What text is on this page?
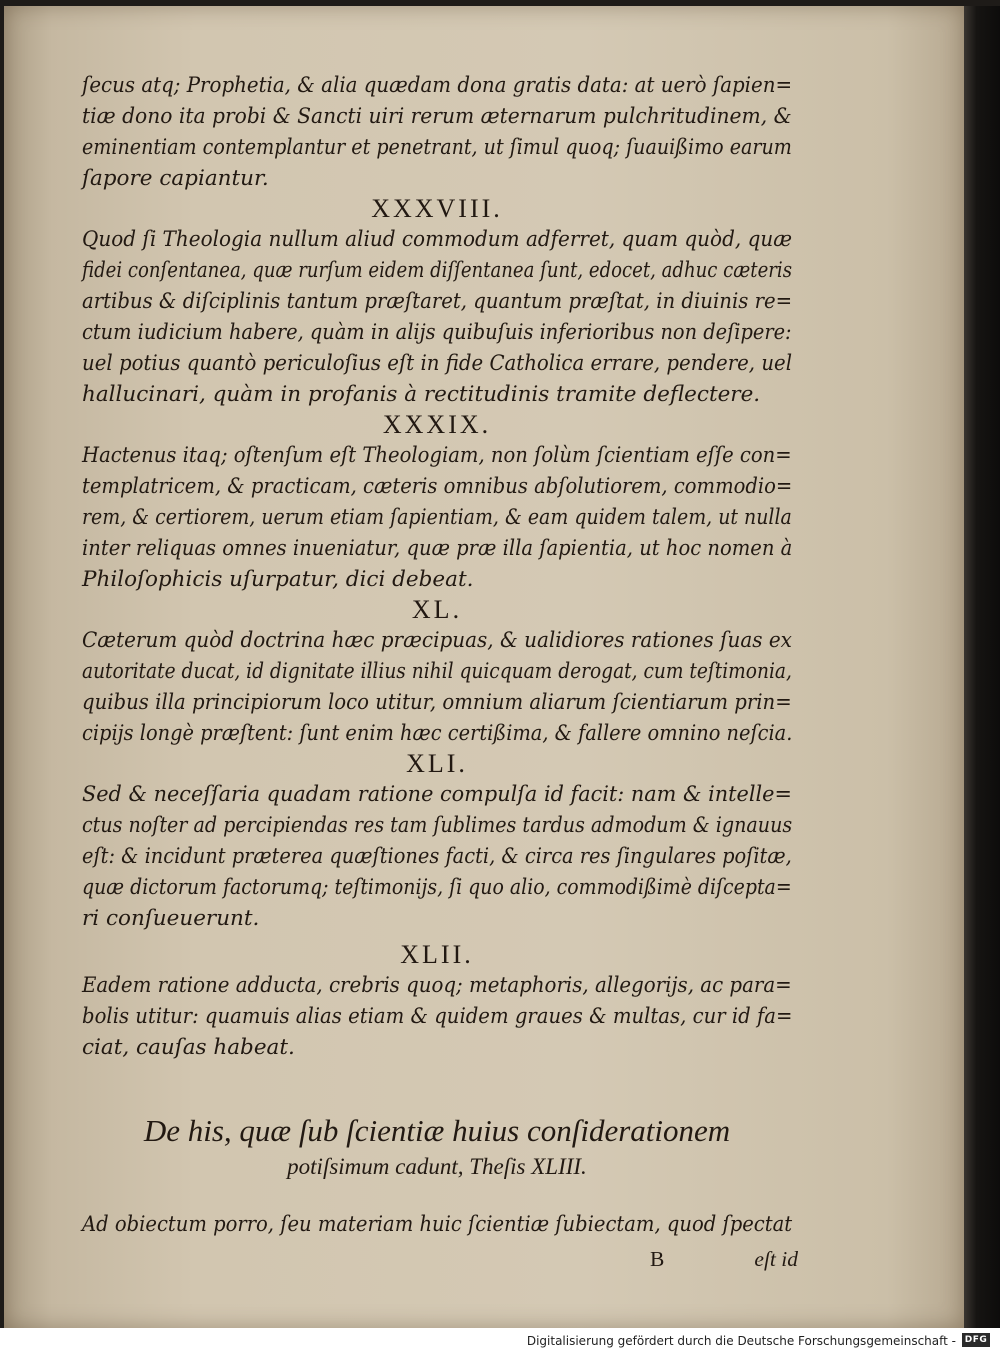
ſecus atq; Prophetia, & alia quædam dona gratis data: at uerò ſapien=
tiæ dono ita probi & Sancti uiri rerum æternarum pulchritudinem, &
eminentiam contemplantur et penetrant, ut ſimul quoq; ſuauißimo earum
ſapore capiantur.
XXXVIII.
Quod ſi Theologia nullum aliud commodum adferret, quam quòd, quæ
fidei conſentanea, quæ rurſum eidem diſſentanea ſunt, edocet, adhuc cæteris
artibus & diſciplinis tantum præſtaret, quantum præſtat, in diuinis re=
ctum iudicium habere, quàm in alijs quibuſuis inferioribus non deſipere:
uel potius quantò periculoſius eſt in fide Catholica errare, pendere, uel
hallucinari, quàm in profanis à rectitudinis tramite deflectere.
XXXIX.
Hactenus itaq; oſtenſum eſt Theologiam, non ſolùm ſcientiam eſſe con=
templatricem, & practicam, cæteris omnibus abſolutiorem, commodio=
rem, & certiorem, uerum etiam ſapientiam, & eam quidem talem, ut nulla
inter reliquas omnes inueniatur, quæ præ illa ſapientia, ut hoc nomen à
Philoſophicis uſurpatur, dici debeat.
XL.
Cæterum quòd doctrina hæc præcipuas, & ualidiores rationes ſuas ex
autoritate ducat, id dignitate illius nihil quicquam derogat, cum teſtimonia,
quibus illa principiorum loco utitur, omnium aliarum ſcientiarum prin=
cipijs longè præſtent: ſunt enim hæc certißima, & fallere omnino neſcia.
XLI.
Sed & neceſſaria quadam ratione compulſa id facit: nam & intelle=
ctus noſter ad percipiendas res tam ſublimes tardus admodum & ignauus
eſt: & incidunt præterea quæſtiones facti, & circa res ſingulares poſitæ,
quæ dictorum factorumq; teſtimonijs, ſi quo alio, commodißimè diſcepta=
ri conſueuerunt.
XLII.
Eadem ratione adducta, crebris quoq; metaphoris, allegorijs, ac para=
bolis utitur: quamuis alias etiam & quidem graues & multas, cur id fa=
ciat, cauſas habeat.
De his, quæ ſub ſcientiæ huius conſiderationem
potiſsimum cadunt, Theſis XLIII.
Ad obiectum porro, ſeu materiam huic ſcientiæ ſubiectam, quod ſpectat
B	eſt id
Digitalisierung gefördert durch die Deutsche Forschungsgemeinschaft - DFG
